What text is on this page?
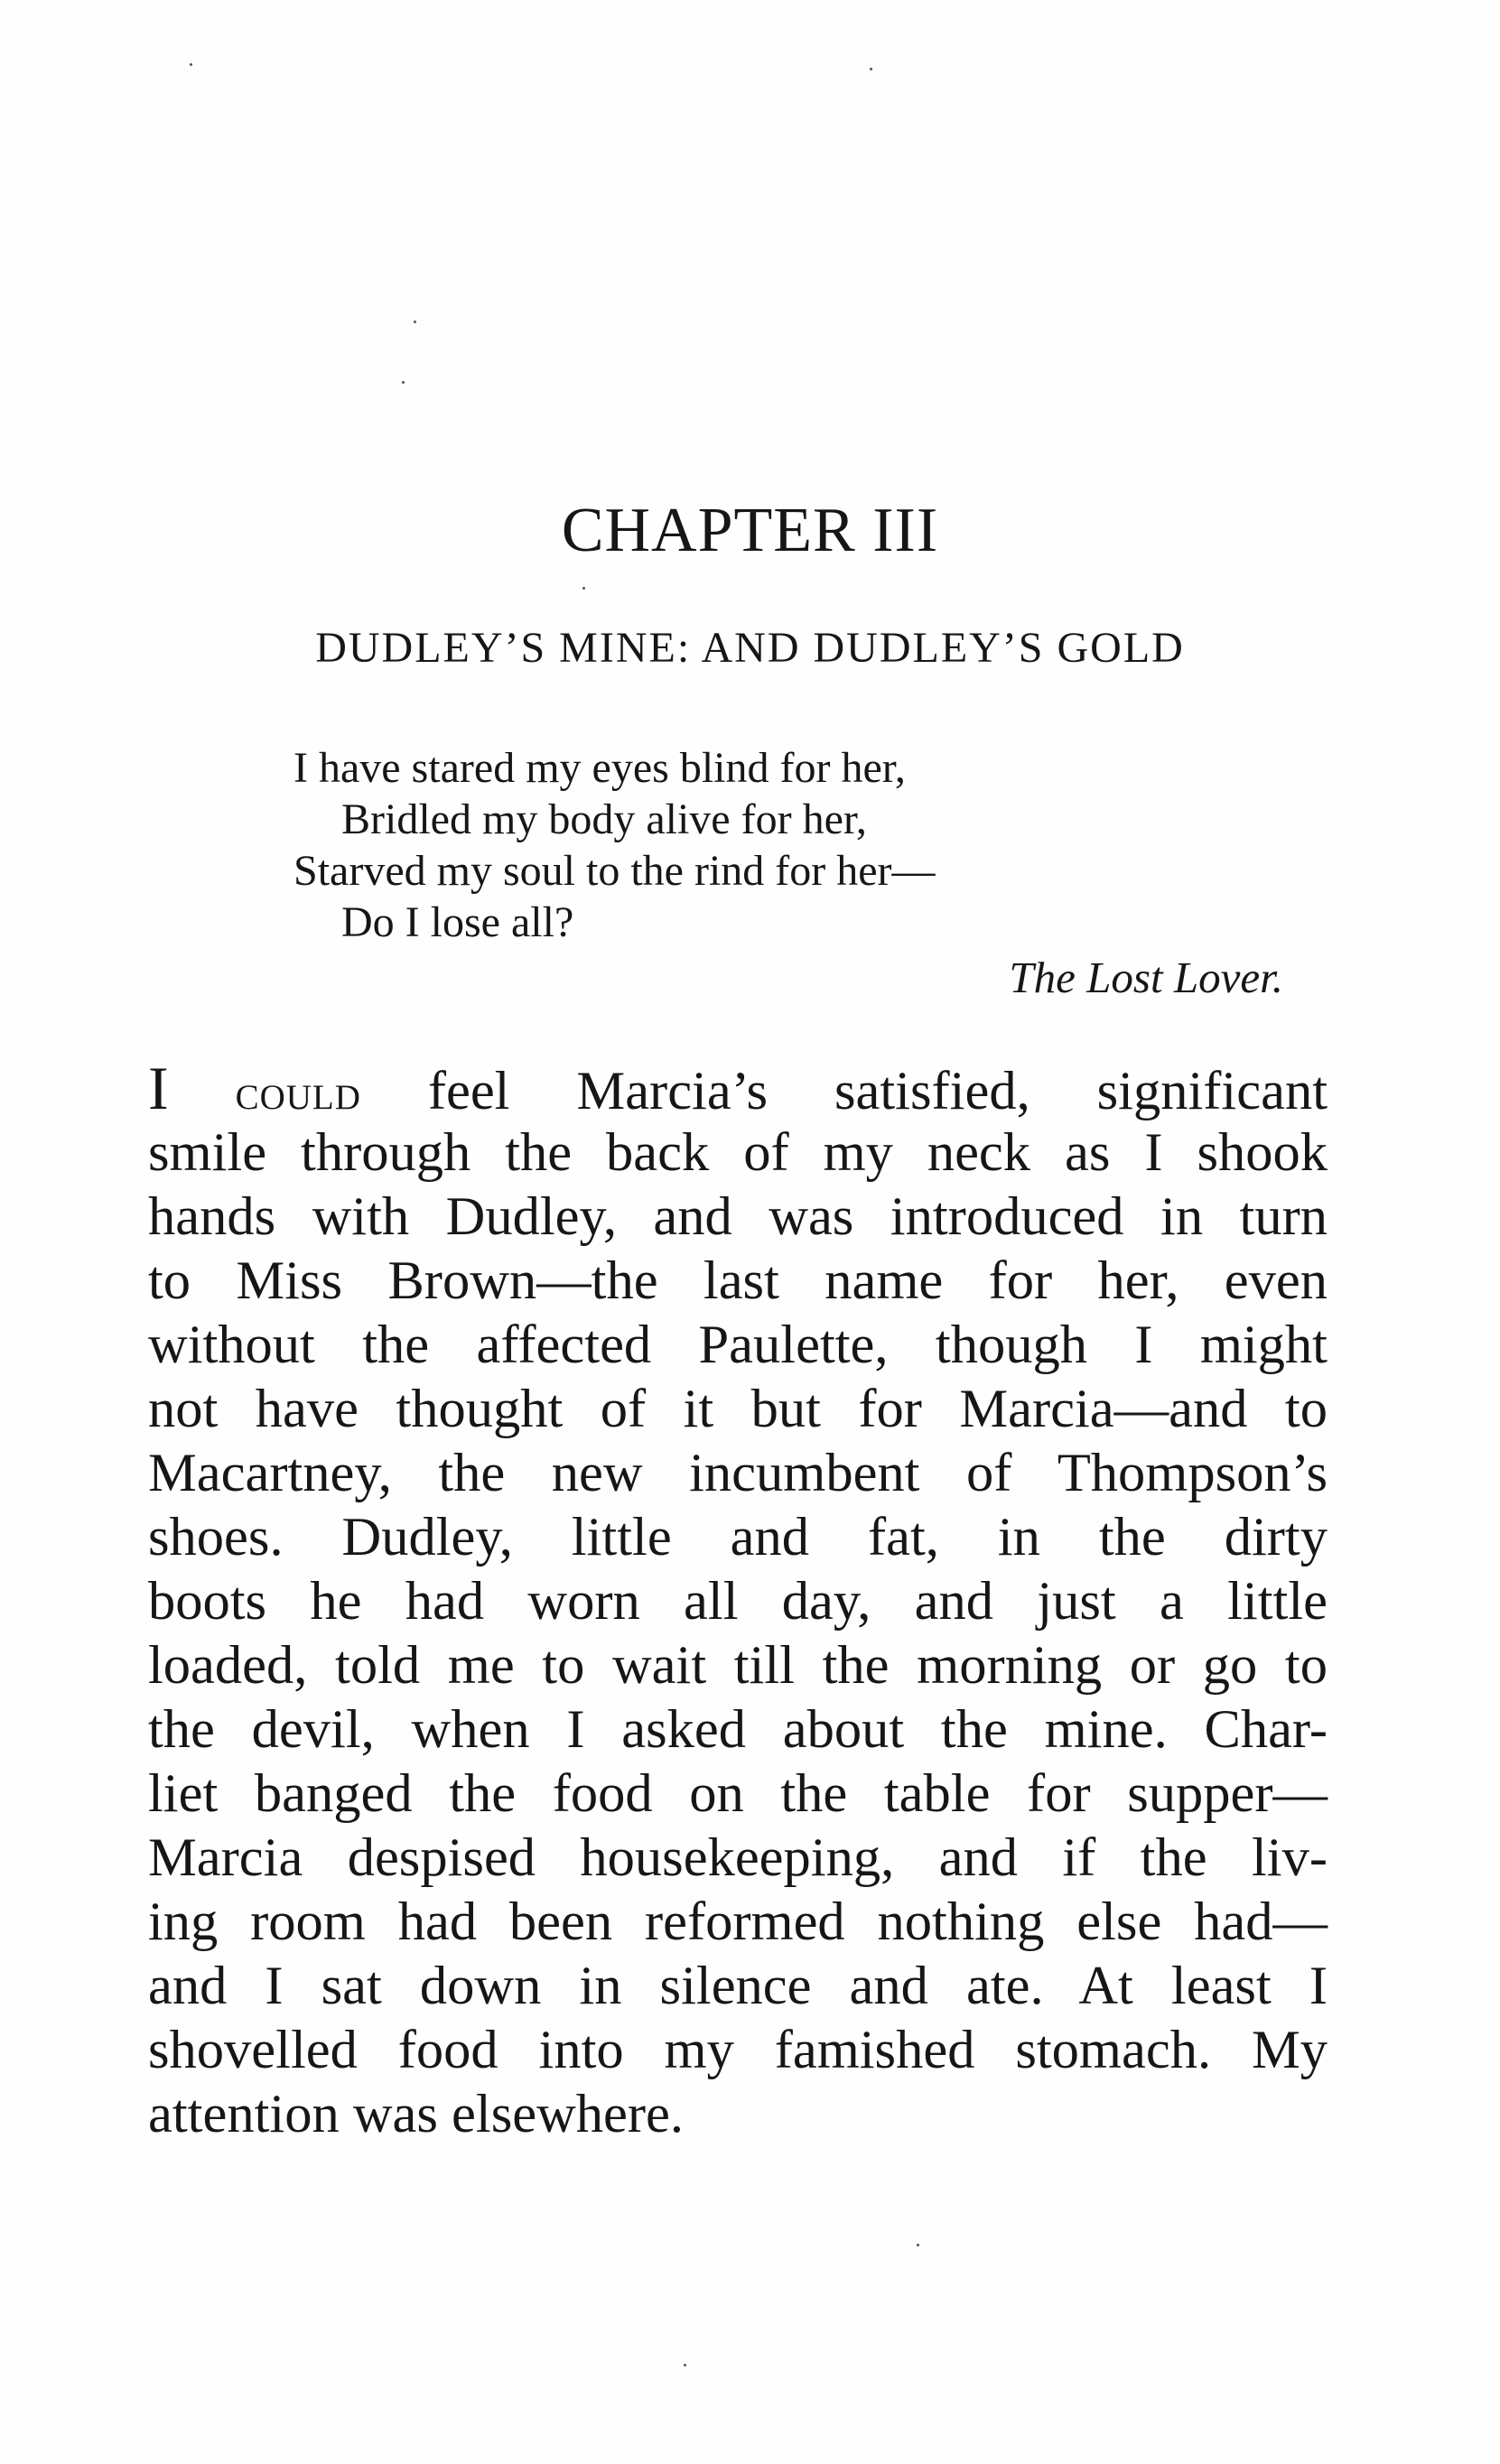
CHAPTER III
DUDLEY’S MINE: AND DUDLEY’S GOLD
I have stared my eyes blind for her,
Bridled my body alive for her,
Starved my soul to the rind for her—
Do I lose all?
The Lost Lover.
I could feel Marcia’s satisfied, significant
smile through the back of my neck as I shook
hands with Dudley, and was introduced in turn
to Miss Brown—the last name for her, even
without the affected Paulette, though I might
not have thought of it but for Marcia—and to
Macartney, the new incumbent of Thompson’s
shoes. Dudley, little and fat, in the dirty
boots he had worn all day, and just a little
loaded, told me to wait till the morning or go to
the devil, when I asked about the mine. Char-
liet banged the food on the table for supper—
Marcia despised housekeeping, and if the liv-
ing room had been reformed nothing else had—
and I sat down in silence and ate. At least I
shovelled food into my famished stomach. My
attention was elsewhere.
